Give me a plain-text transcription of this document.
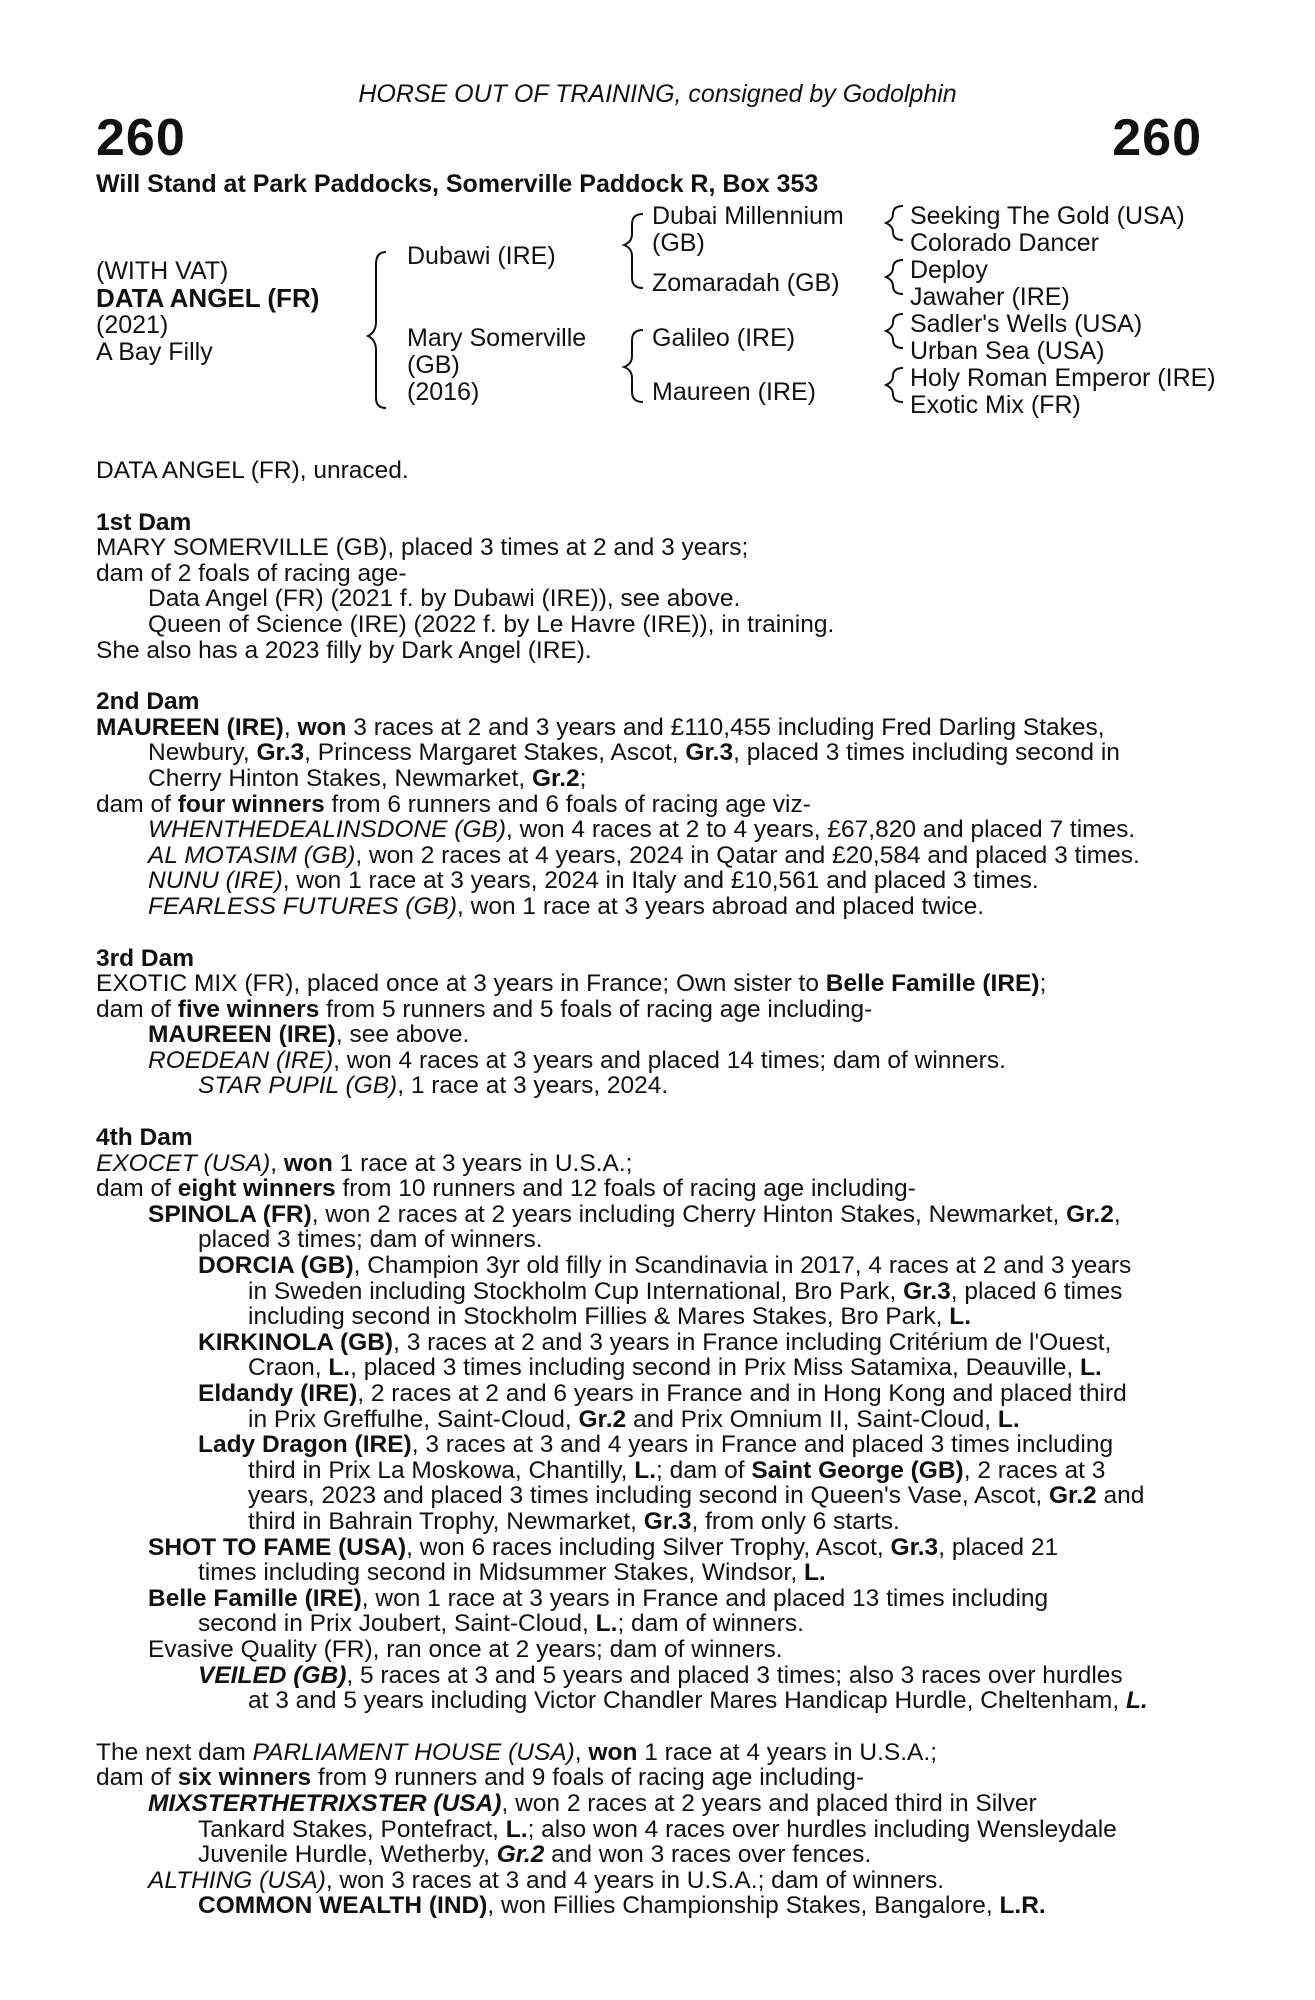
HORSE OUT OF TRAINING, consigned by Godolphin
260	260
Will Stand at Park Paddocks, Somerville Paddock R, Box 353
(WITH VAT)
DATA ANGEL (FR)
(2021)
A Bay Filly
Dubawi (IRE)
Mary Somerville
(GB)
(2016)
Dubai Millennium
(GB)
Zomaradah (GB)
Galileo (IRE)
Maureen (IRE)
Seeking The Gold (USA)
Colorado Dancer
Deploy
Jawaher (IRE)
Sadler's Wells (USA)
Urban Sea (USA)
Holy Roman Emperor (IRE)
Exotic Mix (FR)

DATA ANGEL (FR), unraced.

1st Dam

MARY SOMERVILLE (GB), placed 3 times at 2 and 3 years;

dam of 2 foals of racing age-

Data Angel (FR) (2021 f. by Dubawi (IRE)), see above.

Queen of Science (IRE) (2022 f. by Le Havre (IRE)), in training.

She also has a 2023 filly by Dark Angel (IRE).

2nd Dam

MAUREEN (IRE), won 3 races at 2 and 3 years and £110,455 including Fred Darling Stakes,

Newbury, Gr.3, Princess Margaret Stakes, Ascot, Gr.3, placed 3 times including second in

Cherry Hinton Stakes, Newmarket, Gr.2;

dam of four winners from 6 runners and 6 foals of racing age viz-

WHENTHEDEALINSDONE (GB), won 4 races at 2 to 4 years, £67,820 and placed 7 times.

AL MOTASIM (GB), won 2 races at 4 years, 2024 in Qatar and £20,584 and placed 3 times.

NUNU (IRE), won 1 race at 3 years, 2024 in Italy and £10,561 and placed 3 times.

FEARLESS FUTURES (GB), won 1 race at 3 years abroad and placed twice.

3rd Dam

EXOTIC MIX (FR), placed once at 3 years in France; Own sister to Belle Famille (IRE);

dam of five winners from 5 runners and 5 foals of racing age including-

MAUREEN (IRE), see above.

ROEDEAN (IRE), won 4 races at 3 years and placed 14 times; dam of winners.

STAR PUPIL (GB), 1 race at 3 years, 2024.

4th Dam

EXOCET (USA), won 1 race at 3 years in U.S.A.;

dam of eight winners from 10 runners and 12 foals of racing age including-

SPINOLA (FR), won 2 races at 2 years including Cherry Hinton Stakes, Newmarket, Gr.2,

placed 3 times; dam of winners.

DORCIA (GB), Champion 3yr old filly in Scandinavia in 2017, 4 races at 2 and 3 years

in Sweden including Stockholm Cup International, Bro Park, Gr.3, placed 6 times

including second in Stockholm Fillies & Mares Stakes, Bro Park, L.

KIRKINOLA (GB), 3 races at 2 and 3 years in France including Critérium de l'Ouest,

Craon, L., placed 3 times including second in Prix Miss Satamixa, Deauville, L.

Eldandy (IRE), 2 races at 2 and 6 years in France and in Hong Kong and placed third

in Prix Greffulhe, Saint-Cloud, Gr.2 and Prix Omnium II, Saint-Cloud, L.

Lady Dragon (IRE), 3 races at 3 and 4 years in France and placed 3 times including

third in Prix La Moskowa, Chantilly, L.; dam of Saint George (GB), 2 races at 3

years, 2023 and placed 3 times including second in Queen's Vase, Ascot, Gr.2 and

third in Bahrain Trophy, Newmarket, Gr.3, from only 6 starts.

SHOT TO FAME (USA), won 6 races including Silver Trophy, Ascot, Gr.3, placed 21

times including second in Midsummer Stakes, Windsor, L.

Belle Famille (IRE), won 1 race at 3 years in France and placed 13 times including

second in Prix Joubert, Saint-Cloud, L.; dam of winners.

Evasive Quality (FR), ran once at 2 years; dam of winners.

VEILED (GB), 5 races at 3 and 5 years and placed 3 times; also 3 races over hurdles

at 3 and 5 years including Victor Chandler Mares Handicap Hurdle, Cheltenham, L.

The next dam PARLIAMENT HOUSE (USA), won 1 race at 4 years in U.S.A.;

dam of six winners from 9 runners and 9 foals of racing age including-

MIXSTERTHETRIXSTER (USA), won 2 races at 2 years and placed third in Silver

Tankard Stakes, Pontefract, L.; also won 4 races over hurdles including Wensleydale

Juvenile Hurdle, Wetherby, Gr.2 and won 3 races over fences.

ALTHING (USA), won 3 races at 3 and 4 years in U.S.A.; dam of winners.

COMMON WEALTH (IND), won Fillies Championship Stakes, Bangalore, L.R.
